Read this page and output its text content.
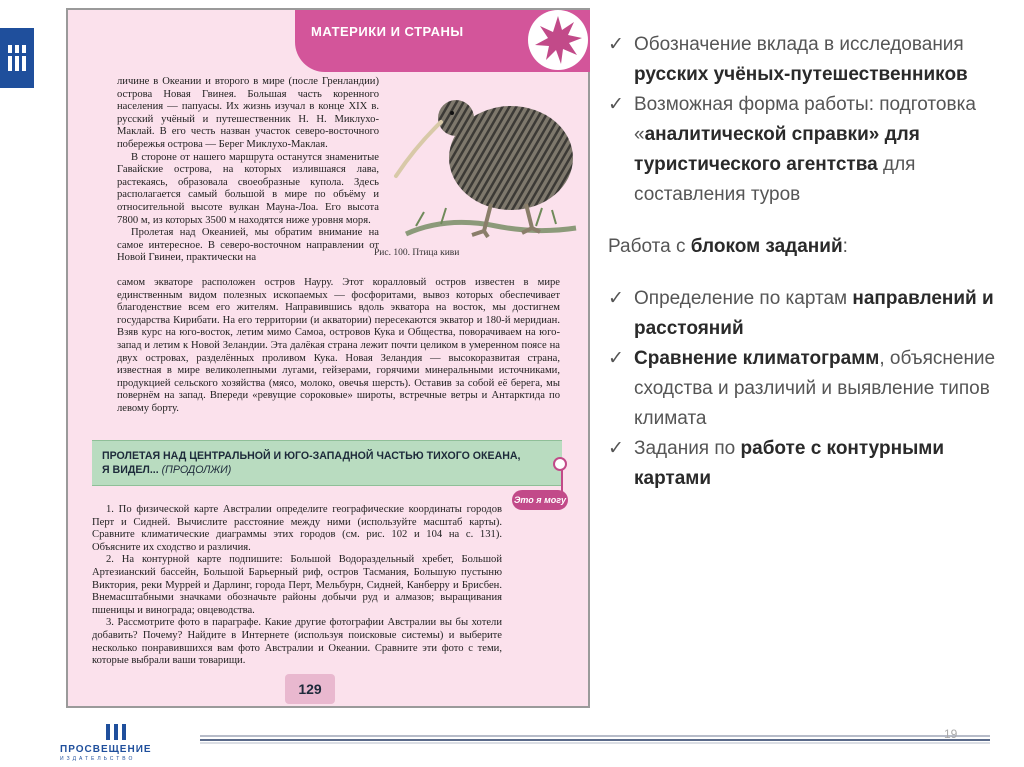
МАТЕРИКИ И СТРАНЫ

личине в Океании и второго в мире (после Гренландии) острова Новая Гвинея. Большая часть коренного населения — папуасы. Их жизнь изучал в конце XIX в. русский учёный и путешественник Н. Н. Миклухо-Маклай. В его честь назван участок северо-восточного побережья острова — Берег Миклухо-Маклая.

В стороне от нашего маршрута останутся знаменитые Гавайские острова, на которых излившаяся лава, растекаясь, образовала своеобразные купола. Здесь располагается самый большой в мире по объёму и относительной высоте вулкан Мауна-Лоа. Его высота 7800 м, из которых 3500 м находятся ниже уровня моря.

Пролетая над Океанией, мы обратим внимание на самое интересное. В северо-восточном направлении от Новой Гвинеи, практически на	Рис. 100. Птица киви

самом экваторе расположен остров Науру. Этот коралловый остров известен в мире единственным видом полезных ископаемых — фосфоритами, вывоз которых обеспечивает благоденствие всем его жителям. Направившись вдоль экватора на восток, мы достигнем государства Кирибати. На его территории (и акватории) пересекаются экватор и 180-й меридиан. Взяв курс на юго-восток, летим мимо Самоа, островов Кука и Общества, поворачиваем на юго-запад и летим к Новой Зеландии. Эта далёкая страна лежит почти целиком в умеренном поясе на двух островах, разделённых проливом Кука. Новая Зеландия — высокоразвитая страна, известная в мире великолепными лугами, гейзерами, горячими минеральными источниками, продукцией сельского хозяйства (мясо, молоко, овечья шерсть). Оставив за собой её берега, мы повернём на запад. Впереди «ревущие сороковые» широты, встречные ветры и Антарктида по левому борту.

ПРОЛЕТАЯ НАД ЦЕНТРАЛЬНОЙ И ЮГО-ЗАПАДНОЙ ЧАСТЬЮ ТИХОГО ОКЕАНА, Я ВИДЕЛ... (ПРОДОЛЖИ)
Это я могу

1. По физической карте Австралии определите географические координаты городов Перт и Сидней. Вычислите расстояние между ними (используйте масштаб карты). Сравните климатические диаграммы этих городов (см. рис. 102 и 104 на с. 131). Объясните их сходство и различия.

2. На контурной карте подпишите: Большой Водораздельный хребет, Большой Артезианский бассейн, Большой Барьерный риф, остров Тасмания, Большую пустыню Виктория, реки Муррей и Дарлинг, города Перт, Мельбурн, Сидней, Канберру и Брисбен. Внемасштабными значками обозначьте районы добычи руд и алмазов; выращивания пшеницы и винограда; овцеводства.

3. Рассмотрите фото в параграфе. Какие другие фотографии Австралии вы бы хотели добавить? Почему? Найдите в Интернете (используя поисковые системы) и выберите несколько понравившихся вам фото Австралии и Океании. Сравните эти фото с теми, которые выбрали ваши товарищи.

129
✓ Обозначение вклада в исследования русских учёных-путешественников
✓ Возможная форма работы: подготовка «аналитической справки» для туристического агентства для составления туров
Работа с блоком заданий:
✓ Определение по картам направлений и расстояний
✓ Сравнение климатограмм, объяснение сходства и различий и выявление типов климата
✓ Задания по работе с контурными картами
ПРОСВЕЩЕНИЕ
ИЗДАТЕЛЬСТВО
19
